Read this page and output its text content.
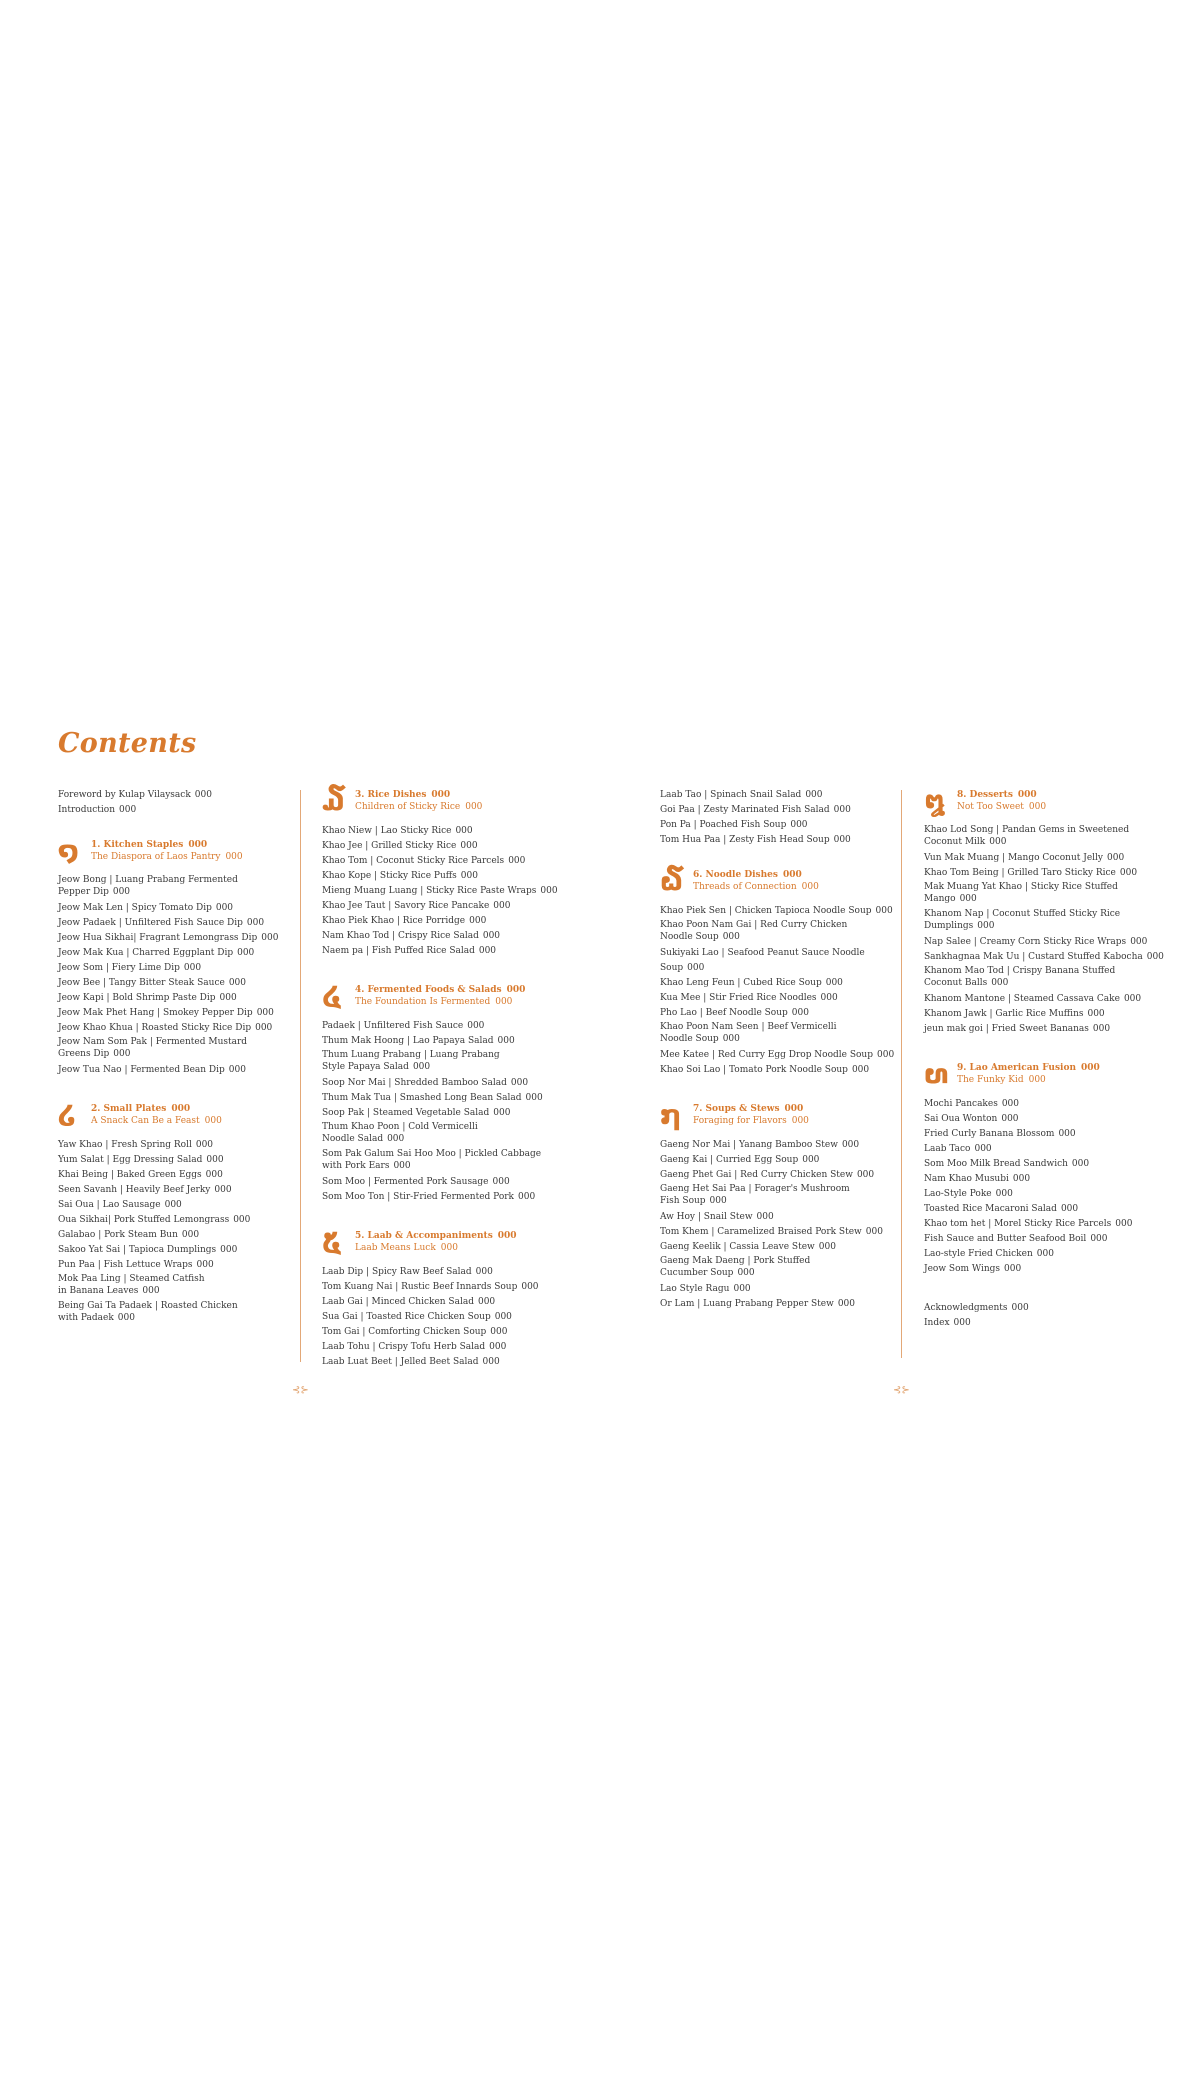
Contents
⊰⊱	⊰⊱

Foreword by Kulap Vilaysack 000

Introduction 000

໑	1. Kitchen Staples 000
The Diaspora of Laos Pantry 000

Jeow Bong | Luang Prabang Fermented
Pepper Dip 000

Jeow Mak Len | Spicy Tomato Dip 000

Jeow Padaek | Unfiltered Fish Sauce Dip 000

Jeow Hua Sikhai| Fragrant Lemongrass Dip 000

Jeow Mak Kua | Charred Eggplant Dip 000

Jeow Som | Fiery Lime Dip 000

Jeow Bee | Tangy Bitter Steak Sauce 000

Jeow Kapi | Bold Shrimp Paste Dip 000

Jeow Mak Phet Hang | Smokey Pepper Dip 000

Jeow Khao Khua | Roasted Sticky Rice Dip 000

Jeow Nam Som Pak | Fermented Mustard
Greens Dip 000

Jeow Tua Nao | Fermented Bean Dip 000

໒	2. Small Plates 000
A Snack Can Be a Feast 000

Yaw Khao | Fresh Spring Roll 000

Yum Salat | Egg Dressing Salad 000

Khai Being | Baked Green Eggs 000

Seen Savanh | Heavily Beef Jerky 000

Sai Oua | Lao Sausage 000

Oua Sikhai| Pork Stuffed Lemongrass 000

Galabao | Pork Steam Bun 000

Sakoo Yat Sai | Tapioca Dumplings 000

Pun Paa | Fish Lettuce Wraps 000

Mok Paa Ling | Steamed Catfish
in Banana Leaves 000

Being Gai Ta Padaek | Roasted Chicken
with Padaek 000

໓	3. Rice Dishes 000
Children of Sticky Rice 000

Khao Niew | Lao Sticky Rice 000

Khao Jee | Grilled Sticky Rice 000

Khao Tom | Coconut Sticky Rice Parcels 000

Khao Kope | Sticky Rice Puffs 000

Mieng Muang Luang | Sticky Rice Paste Wraps 000

Khao Jee Taut | Savory Rice Pancake 000

Khao Piek Khao | Rice Porridge 000

Nam Khao Tod | Crispy Rice Salad 000

Naem pa | Fish Puffed Rice Salad 000

໔	4. Fermented Foods & Salads 000
The Foundation Is Fermented 000

Padaek | Unfiltered Fish Sauce 000

Thum Mak Hoong | Lao Papaya Salad 000

Thum Luang Prabang | Luang Prabang
Style Papaya Salad 000

Soop Nor Mai | Shredded Bamboo Salad 000

Thum Mak Tua | Smashed Long Bean Salad 000

Soop Pak | Steamed Vegetable Salad 000

Thum Khao Poon | Cold Vermicelli
Noodle Salad 000

Som Pak Galum Sai Hoo Moo | Pickled Cabbage
with Pork Ears 000

Som Moo | Fermented Pork Sausage 000

Som Moo Ton | Stir-Fried Fermented Pork 000

໕	5. Laab & Accompaniments 000
Laab Means Luck 000

Laab Dip | Spicy Raw Beef Salad 000

Tom Kuang Nai | Rustic Beef Innards Soup 000

Laab Gai | Minced Chicken Salad 000

Sua Gai | Toasted Rice Chicken Soup 000

Tom Gai | Comforting Chicken Soup 000

Laab Tohu | Crispy Tofu Herb Salad 000

Laab Luat Beet | Jelled Beet Salad 000

Laab Tao | Spinach Snail Salad 000

Goi Paa | Zesty Marinated Fish Salad 000

Pon Pa | Poached Fish Soup 000

Tom Hua Paa | Zesty Fish Head Soup 000

໖	6. Noodle Dishes 000
Threads of Connection 000

Khao Piek Sen | Chicken Tapioca Noodle Soup 000

Khao Poon Nam Gai | Red Curry Chicken
Noodle Soup 000

Sukiyaki Lao | Seafood Peanut Sauce Noodle Soup 000

Khao Leng Feun | Cubed Rice Soup 000

Kua Mee | Stir Fried Rice Noodles 000

Pho Lao | Beef Noodle Soup 000

Khao Poon Nam Seen | Beef Vermicelli
Noodle Soup 000

Mee Katee | Red Curry Egg Drop Noodle Soup 000

Khao Soi Lao | Tomato Pork Noodle Soup 000

໗	7. Soups & Stews 000
Foraging for Flavors 000

Gaeng Nor Mai | Yanang Bamboo Stew 000

Gaeng Kai | Curried Egg Soup 000

Gaeng Phet Gai | Red Curry Chicken Stew 000

Gaeng Het Sai Paa | Forager's Mushroom
Fish Soup 000

Aw Hoy | Snail Stew 000

Tom Khem | Caramelized Braised Pork Stew 000

Gaeng Keelik | Cassia Leave Stew 000

Gaeng Mak Daeng | Pork Stuffed
Cucumber Soup 000

Lao Style Ragu 000

Or Lam | Luang Prabang Pepper Stew 000

໘	8. Desserts 000
Not Too Sweet 000

Khao Lod Song | Pandan Gems in Sweetened
Coconut Milk 000

Vun Mak Muang | Mango Coconut Jelly 000

Khao Tom Being | Grilled Taro Sticky Rice 000

Mak Muang Yat Khao | Sticky Rice Stuffed
Mango 000

Khanom Nap | Coconut Stuffed Sticky Rice
Dumplings 000

Nap Salee | Creamy Corn Sticky Rice Wraps 000

Sankhagnaa Mak Uu | Custard Stuffed Kabocha 000

Khanom Mao Tod | Crispy Banana Stuffed
Coconut Balls 000

Khanom Mantone | Steamed Cassava Cake 000

Khanom Jawk | Garlic Rice Muffins 000

jeun mak goi | Fried Sweet Bananas 000

໙ 9. Lao American Fusion 000
The Funky Kid 000

Mochi Pancakes 000

Sai Oua Wonton 000

Fried Curly Banana Blossom 000

Laab Taco 000

Som Moo Milk Bread Sandwich 000

Nam Khao Musubi 000

Lao-Style Poke 000

Toasted Rice Macaroni Salad 000

Khao tom het | Morel Sticky Rice Parcels 000

Fish Sauce and Butter Seafood Boil 000

Lao-style Fried Chicken 000

Jeow Som Wings 000

Acknowledgments 000

Index 000
